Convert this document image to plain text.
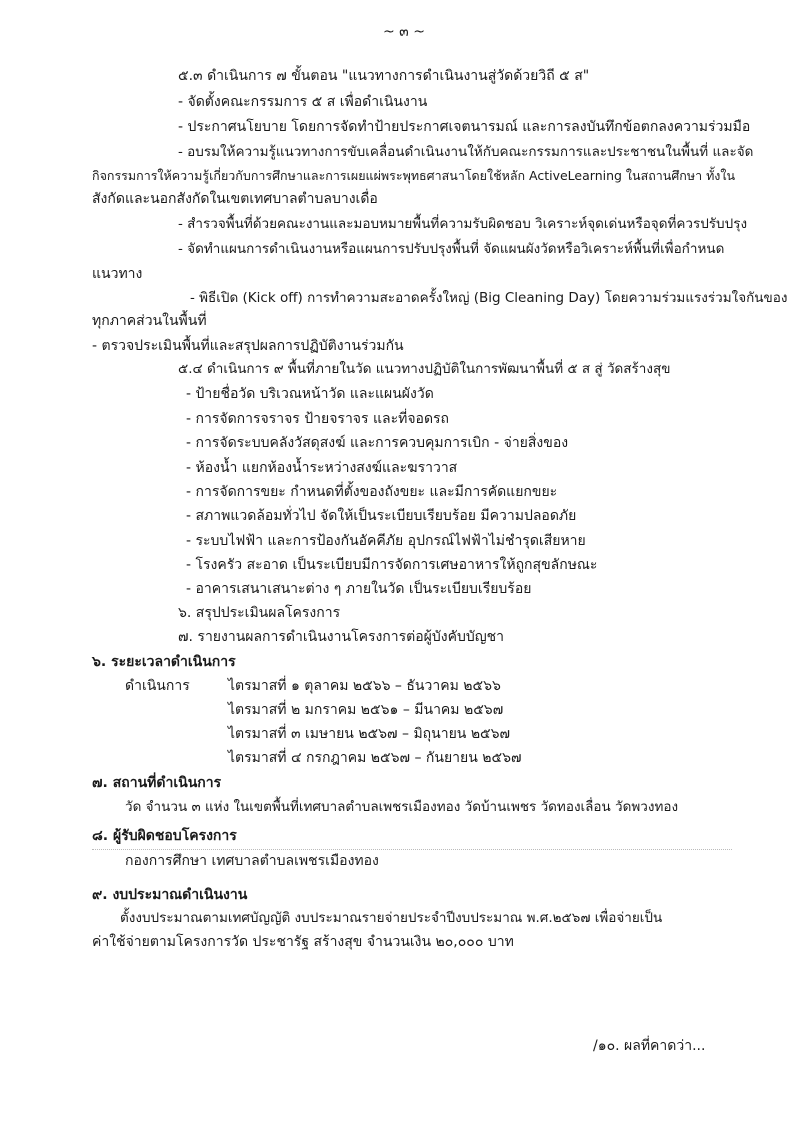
~ ๓ ~
๕.๓ ดำเนินการ ๗ ขั้นตอน "แนวทางการดำเนินงานสู่วัดด้วยวิถี ๕ ส"
- จัดตั้งคณะกรรมการ ๕ ส เพื่อดำเนินงาน
- ประกาศนโยบาย โดยการจัดทำป้ายประกาศเจตนารมณ์ และการลงบันทึกข้อตกลงความร่วมมือ
- อบรมให้ความรู้แนวทางการขับเคลื่อนดำเนินงานให้กับคณะกรรมการและประชาชนในพื้นที่ และจัด
กิจกรรมการให้ความรู้เกี่ยวกับการศึกษาและการเผยแผ่พระพุทธศาสนาโดยใช้หลัก ActiveLearning ในสถานศึกษา ทั้งใน
สังกัดและนอกสังกัดในเขตเทศบาลตำบลบางเดื่อ
- สำรวจพื้นที่ด้วยคณะงานและมอบหมายพื้นที่ความรับผิดชอบ วิเคราะห์จุดเด่นหรือจุดที่ควรปรับปรุง
- จัดทำแผนการดำเนินงานหรือแผนการปรับปรุงพื้นที่ จัดแผนผังวัดหรือวิเคราะห์พื้นที่เพื่อกำหนด
แนวทาง
- พิธีเปิด (Kick off) การทำความสะอาดครั้งใหญ่ (Big Cleaning Day) โดยความร่วมแรงร่วมใจกันของ
ทุกภาคส่วนในพื้นที่
- ตรวจประเมินพื้นที่และสรุปผลการปฏิบัติงานร่วมกัน
๕.๔ ดำเนินการ ๙ พื้นที่ภายในวัด แนวทางปฏิบัติในการพัฒนาพื้นที่ ๕ ส สู่ วัดสร้างสุข
- ป้ายชื่อวัด บริเวณหน้าวัด และแผนผังวัด
- การจัดการจราจร ป้ายจราจร และที่จอดรถ
- การจัดระบบคลังวัสดุสงฆ์ และการควบคุมการเบิก - จ่ายสิ่งของ
- ห้องน้ำ แยกห้องน้ำระหว่างสงฆ์และฆราวาส
- การจัดการขยะ กำหนดที่ตั้งของถังขยะ และมีการคัดแยกขยะ
- สภาพแวดล้อมทั่วไป จัดให้เป็นระเบียบเรียบร้อย มีความปลอดภัย
- ระบบไฟฟ้า และการป้องกันอัคคีภัย อุปกรณ์ไฟฟ้าไม่ชำรุดเสียหาย
- โรงครัว สะอาด เป็นระเบียบมีการจัดการเศษอาหารให้ถูกสุขลักษณะ
- อาคารเสนาเสนาะต่าง ๆ ภายในวัด เป็นระเบียบเรียบร้อย
๖. สรุปประเมินผลโครงการ
๗. รายงานผลการดำเนินงานโครงการต่อผู้บังคับบัญชา
๖. ระยะเวลาดำเนินการ
ดำเนินการ	ไตรมาสที่ ๑ ตุลาคม ๒๕๖๖ – ธันวาคม ๒๕๖๖
ไตรมาสที่ ๒ มกราคม ๒๕๖๑ – มีนาคม ๒๕๖๗
ไตรมาสที่ ๓ เมษายน ๒๕๖๗ – มิถุนายน ๒๕๖๗
ไตรมาสที่ ๔ กรกฎาคม ๒๕๖๗ – กันยายน ๒๕๖๗
๗. สถานที่ดำเนินการ
วัด จำนวน ๓ แห่ง ในเขตพื้นที่เทศบาลตำบลเพชรเมืองทอง วัดบ้านเพชร วัดทองเลื่อน วัดพวงทอง
๘. ผู้รับผิดชอบโครงการ
กองการศึกษา เทศบาลตำบลเพชรเมืองทอง
๙. งบประมาณดำเนินงาน
ตั้งงบประมาณตามเทศบัญญัติ งบประมาณรายจ่ายประจำปีงบประมาณ พ.ศ.๒๕๖๗ เพื่อจ่ายเป็น
ค่าใช้จ่ายตามโครงการวัด ประชารัฐ สร้างสุข จำนวนเงิน ๒๐,๐๐๐ บาท
/๑๐. ผลที่คาดว่า...
